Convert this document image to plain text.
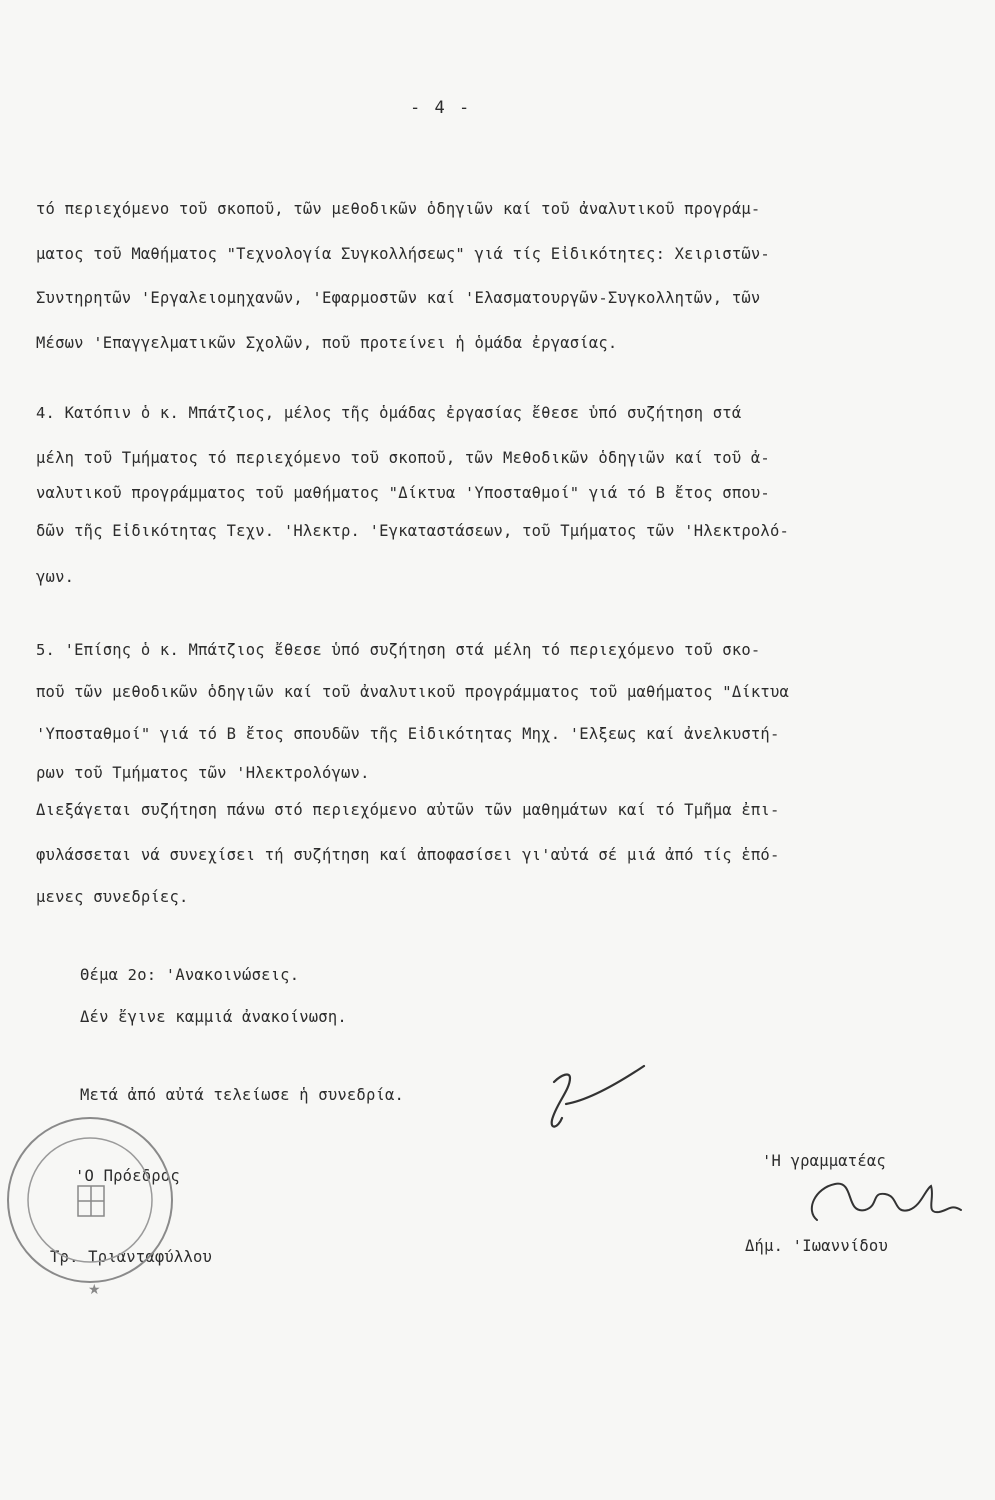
- 4 -
τό περιεχόμενο τοῦ σκοποῦ, τῶν μεθοδικῶν ὁδηγιῶν καί τοῦ ἀναλυτικοῦ προγράμ-
ματος τοῦ Μαθήματος "Τεχνολογία Συγκολλήσεως" γιά τίς Εἰδικότητες: Χειριστῶν-
Συντηρητῶν 'Εργαλειομηχανῶν, 'Εφαρμοστῶν καί 'Ελασματουργῶν-Συγκολλητῶν, τῶν
Μέσων 'Επαγγελματικῶν Σχολῶν, ποῦ προτείνει ἡ ὁμάδα ἐργασίας.
4. Κατόπιν ὁ κ. Μπάτζιος, μέλος τῆς ὁμάδας ἐργασίας ἔθεσε ὑπό συζήτηση στά
μέλη τοῦ Τμήματος τό περιεχόμενο τοῦ σκοποῦ, τῶν Μεθοδικῶν ὁδηγιῶν καί τοῦ ἀ-
ναλυτικοῦ προγράμματος τοῦ μαθήματος "Δίκτυα 'Υποσταθμοί" γιά τό Β ἔτος σπου-
δῶν τῆς Εἰδικότητας Τεχν. 'Ηλεκτρ. 'Εγκαταστάσεων, τοῦ Τμήματος τῶν 'Ηλεκτρολό-
γων.
5. 'Επίσης ὁ κ. Μπάτζιος ἔθεσε ὑπό συζήτηση στά μέλη τό περιεχόμενο τοῦ σκο-
ποῦ τῶν μεθοδικῶν ὁδηγιῶν καί τοῦ ἀναλυτικοῦ προγράμματος τοῦ μαθήματος "Δίκτυα
'Υποσταθμοί" γιά τό Β ἔτος σπουδῶν τῆς Εἰδικότητας Μηχ. 'Ελξεως καί ἀνελκυστή-
ρων τοῦ Τμήματος τῶν 'Ηλεκτρολόγων.
Διεξάγεται συζήτηση πάνω στό περιεχόμενο αὐτῶν τῶν μαθημάτων καί τό Τμῆμα ἐπι-
φυλάσσεται νά συνεχίσει τή συζήτηση καί ἀποφασίσει γι'αὐτά σέ μιά ἀπό τίς ἑπό-
μενες συνεδρίες.
Θέμα 2ο: 'Ανακοινώσεις.
Δέν ἔγινε καμμιά ἀνακοίνωση.
Μετά ἀπό αὐτά τελείωσε ἡ συνεδρία.
'Ο Πρόεδρος
Τρ. Τριανταφύλλου
'Η γραμματέας
Δήμ. 'Ιωαννίδου
★
